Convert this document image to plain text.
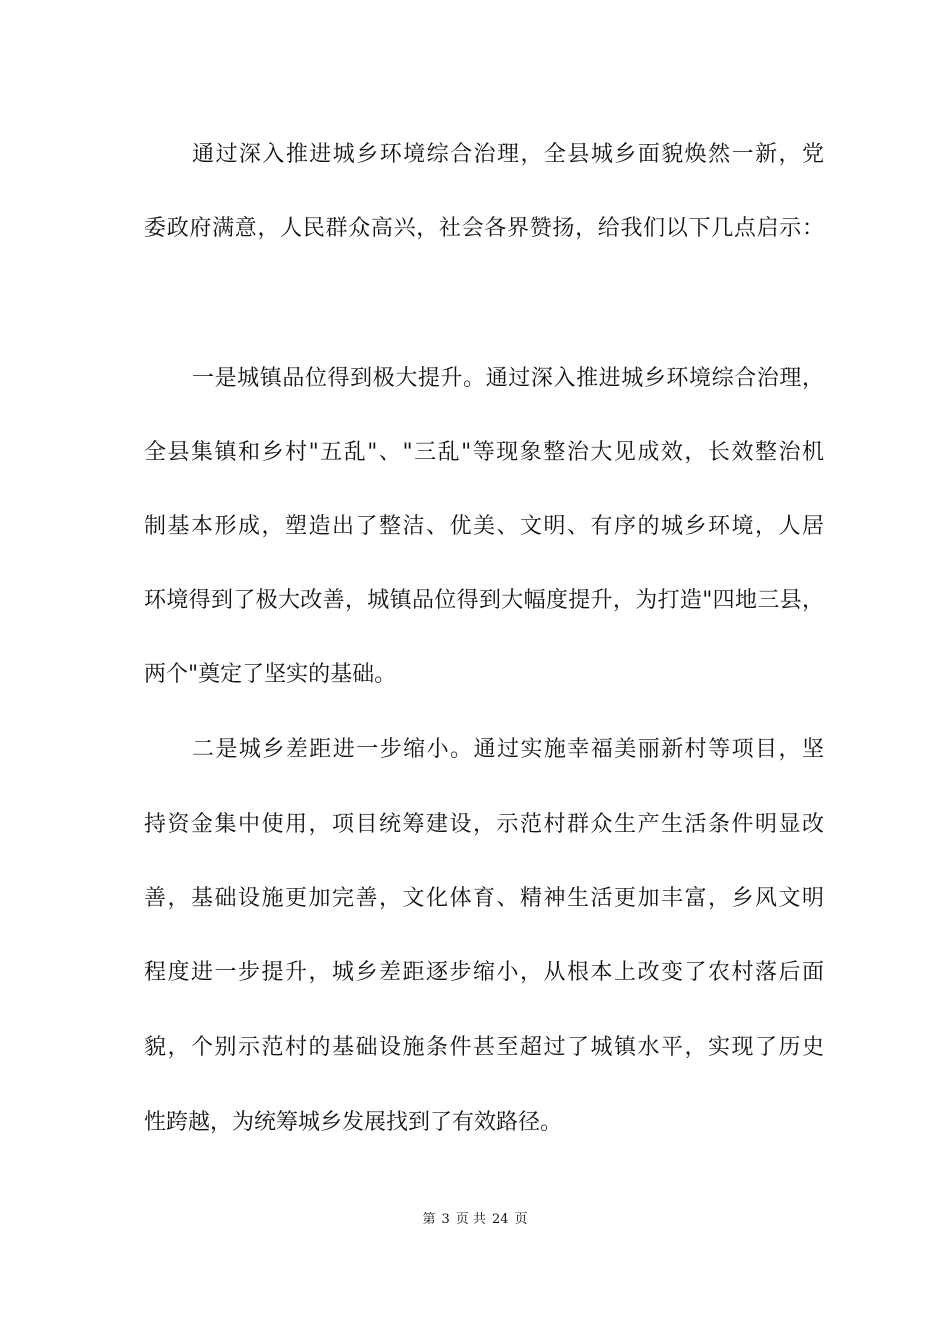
通过深入推进城乡环境综合治理，全县城乡面貌焕然一新，党

委政府满意，人民群众高兴，社会各界赞扬，给我们以下几点启示：

一是城镇品位得到极大提升。通过深入推进城乡环境综合治理，

全县集镇和乡村"五乱"、"三乱"等现象整治大见成效，长效整治机

制基本形成，塑造出了整洁、优美、文明、有序的城乡环境，人居

环境得到了极大改善，城镇品位得到大幅度提升，为打造"四地三县，

两个"奠定了坚实的基础。

二是城乡差距进一步缩小。通过实施幸福美丽新村等项目，坚

持资金集中使用，项目统筹建设，示范村群众生产生活条件明显改

善，基础设施更加完善，文化体育、精神生活更加丰富，乡风文明

程度进一步提升，城乡差距逐步缩小，从根本上改变了农村落后面

貌，个别示范村的基础设施条件甚至超过了城镇水平，实现了历史

性跨越，为统筹城乡发展找到了有效路径。

第 3 页 共 24 页
